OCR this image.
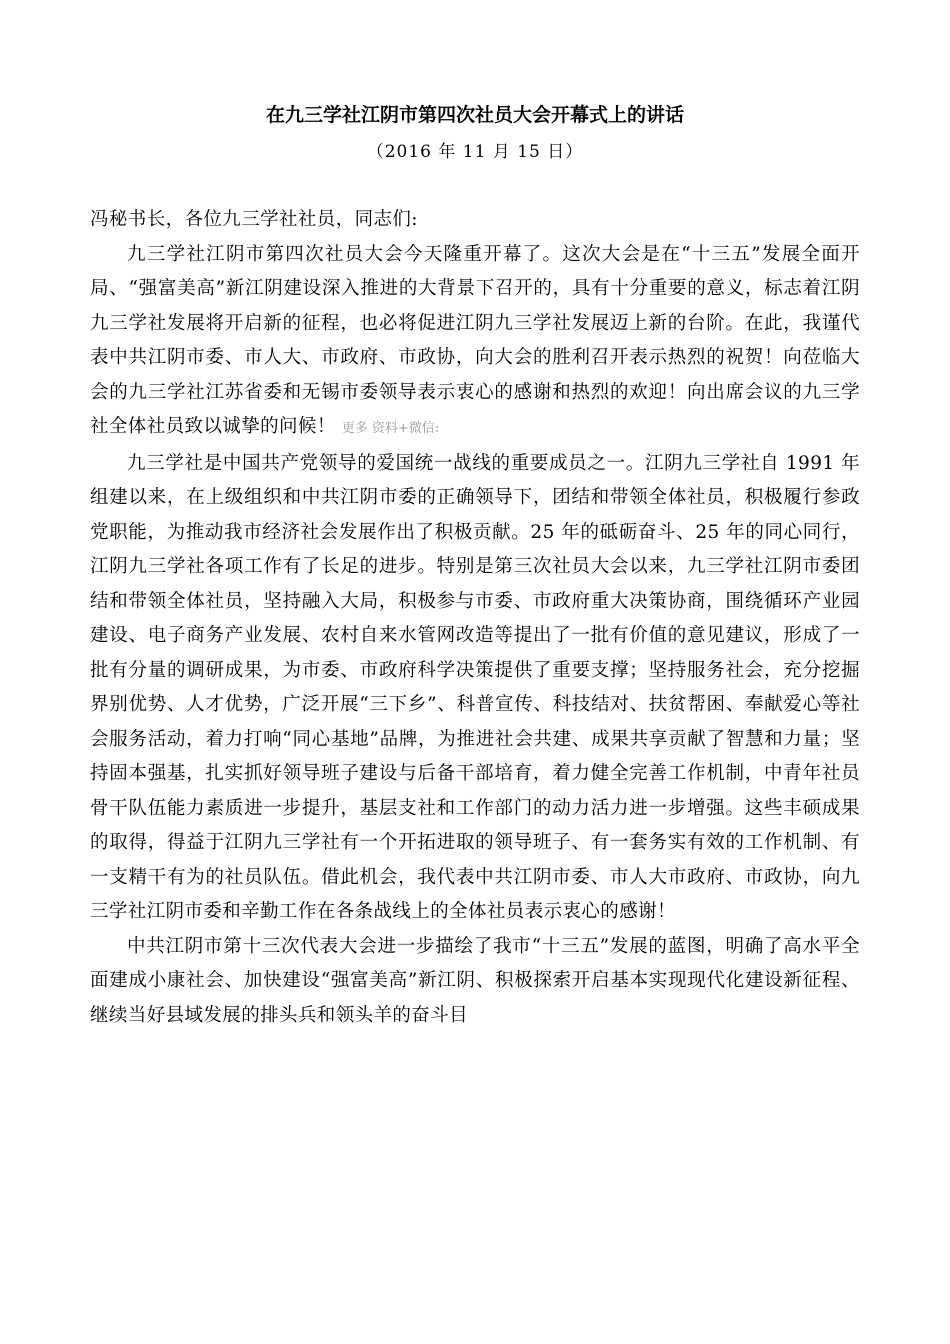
在九三学社江阴市第四次社员大会开幕式上的讲话
（2016 年 11 月 15 日）

冯秘书长，各位九三学社社员，同志们:

九三学社江阴市第四次社员大会今天隆重开幕了。这次大会是在“十三五”发展全面开局、“强富美高”新江阴建设深入推进的大背景下召开的，具有十分重要的意义，标志着江阴九三学社发展将开启新的征程，也必将促进江阴九三学社发展迈上新的台阶。在此，我谨代表中共江阴市委、市人大、市政府、市政协，向大会的胜利召开表示热烈的祝贺！向莅临大会的九三学社江苏省委和无锡市委领导表示衷心的感谢和热烈的欢迎！向出席会议的九三学社全体社员致以诚挚的问候！ 更多 资料+微信:

九三学社是中国共产党领导的爱国统一战线的重要成员之一。江阴九三学社自 1991 年组建以来，在上级组织和中共江阴市委的正确领导下，团结和带领全体社员，积极履行参政党职能，为推动我市经济社会发展作出了积极贡献。25 年的砥砺奋斗、25 年的同心同行，江阴九三学社各项工作有了长足的进步。特别是第三次社员大会以来，九三学社江阴市委团结和带领全体社员，坚持融入大局，积极参与市委、市政府重大决策协商，围绕循环产业园建设、电子商务产业发展、农村自来水管网改造等提出了一批有价值的意见建议，形成了一批有分量的调研成果，为市委、市政府科学决策提供了重要支撑；坚持服务社会，充分挖掘界别优势、人才优势，广泛开展“三下乡”、科普宣传、科技结对、扶贫帮困、奉献爱心等社会服务活动，着力打响“同心基地”品牌，为推进社会共建、成果共享贡献了智慧和力量；坚持固本强基，扎实抓好领导班子建设与后备干部培育，着力健全完善工作机制，中青年社员骨干队伍能力素质进一步提升，基层支社和工作部门的动力活力进一步增强。这些丰硕成果的取得，得益于江阴九三学社有一个开拓进取的领导班子、有一套务实有效的工作机制、有一支精干有为的社员队伍。借此机会，我代表中共江阴市委、市人大市政府、市政协，向九三学社江阴市委和辛勤工作在各条战线上的全体社员表示衷心的感谢！

中共江阴市第十三次代表大会进一步描绘了我市“十三五”发展的蓝图，明确了高水平全面建成小康社会、加快建设“强富美高”新江阴、积极探索开启基本实现现代化建设新征程、继续当好县域发展的排头兵和领头羊的奋斗目
